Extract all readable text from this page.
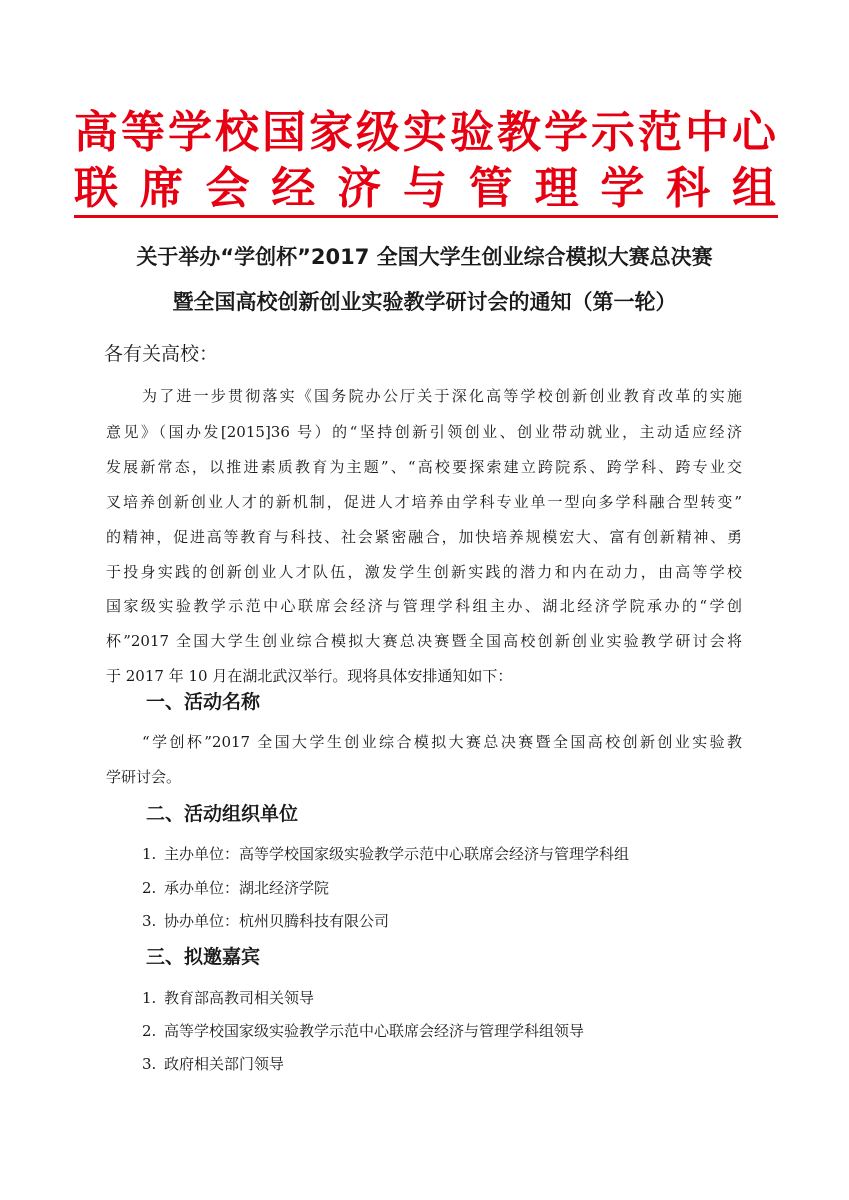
高 等 学 校 国 家 级 实 验 教 学 示 范 中 心
联 席 会 经 济 与 管 理 学 科 组
关于举办“学创杯”2017 全国大学生创业综合模拟大赛总决赛
暨全国高校创新创业实验教学研讨会的通知（第一轮）
各有关高校：
为了进一步贯彻落实《国务院办公厅关于深化高等学校创新创业教育改革的实施
意见》（国办发[2015]36 号）的“坚持创新引领创业、创业带动就业，主动适应经济
发展新常态，以推进素质教育为主题”、“高校要探索建立跨院系、跨学科、跨专业交
叉培养创新创业人才的新机制，促进人才培养由学科专业单一型向多学科融合型转变”
的精神，促进高等教育与科技、社会紧密融合，加快培养规模宏大、富有创新精神、勇
于投身实践的创新创业人才队伍，激发学生创新实践的潜力和内在动力，由高等学校
国家级实验教学示范中心联席会经济与管理学科组主办、湖北经济学院承办的“学创
杯”2017 全国大学生创业综合模拟大赛总决赛暨全国高校创新创业实验教学研讨会将
于 2017 年 10 月在湖北武汉举行。现将具体安排通知如下：
一、活动名称
“学创杯”2017 全国大学生创业综合模拟大赛总决赛暨全国高校创新创业实验教
学研讨会。
二、活动组织单位
1. 主办单位：高等学校国家级实验教学示范中心联席会经济与管理学科组
2. 承办单位：湖北经济学院
3. 协办单位：杭州贝腾科技有限公司
三、拟邀嘉宾
1. 教育部高教司相关领导
2. 高等学校国家级实验教学示范中心联席会经济与管理学科组领导
3. 政府相关部门领导
